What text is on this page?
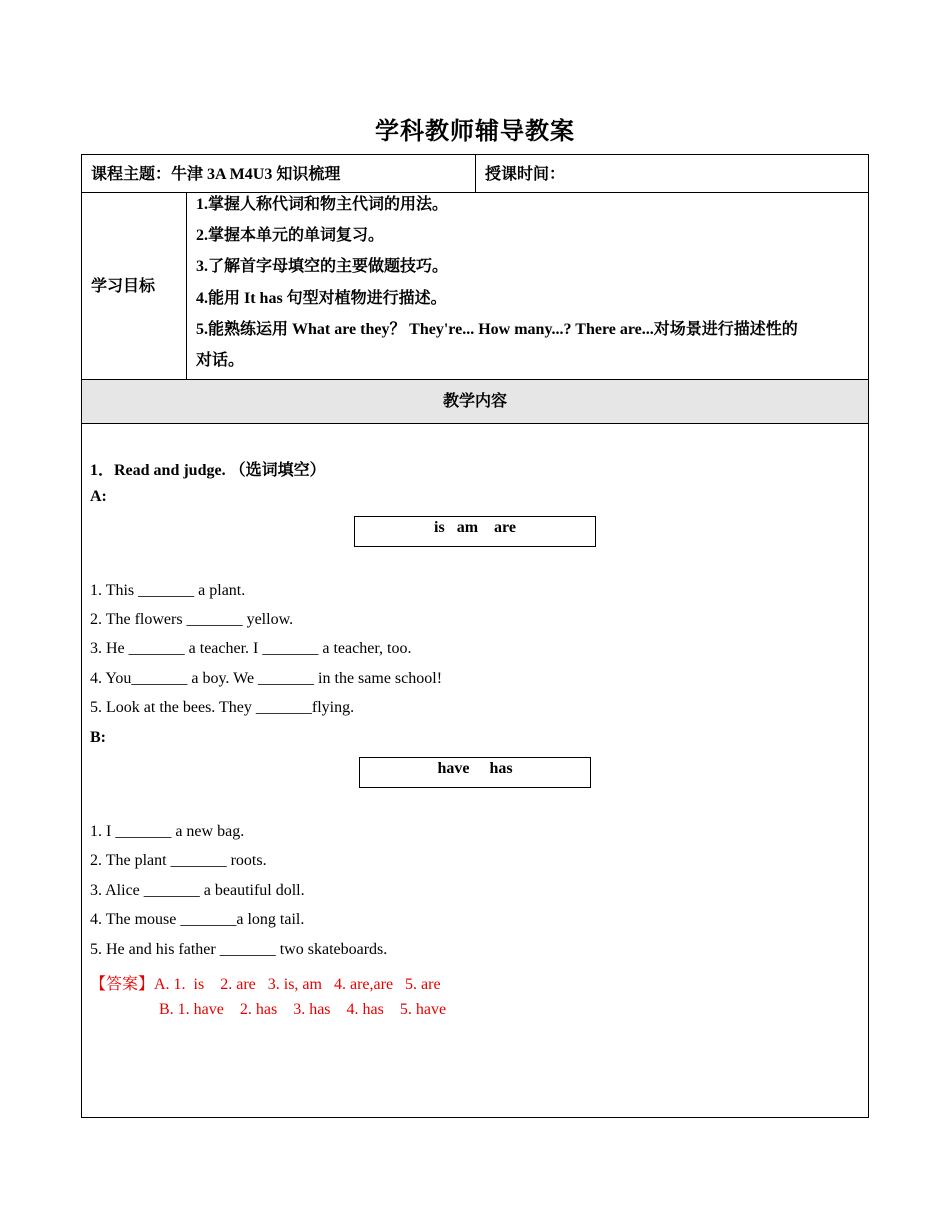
学科教师辅导教案
课程主题：牛津 3A M4U3 知识梳理	授课时间：
学习目标
1.掌握人称代词和物主代词的用法。
2.掌握本单元的单词复习。
3.了解首字母填空的主要做题技巧。
4.能用 It has 句型对植物进行描述。
5.能熟练运用 What are they？ They're... How many...? There are...对场景进行描述性的
对话。
教学内容
1．Read and judge. （选词填空）
A:
is   am    are
1. This _______ a plant.
2. The flowers _______ yellow.
3. He _______ a teacher. I _______ a teacher, too.
4. You_______ a boy. We _______ in the same school!
5. Look at the bees. They _______flying.
B:
have     has
1. I _______ a new bag.
2. The plant _______ roots.
3. Alice _______ a beautiful doll.
4. The mouse _______a long tail.
5. He and his father _______ two skateboards.
【答案】A. 1.  is    2. are   3. is, am   4. are,are   5. are
B. 1. have    2. has    3. has    4. has    5. have
